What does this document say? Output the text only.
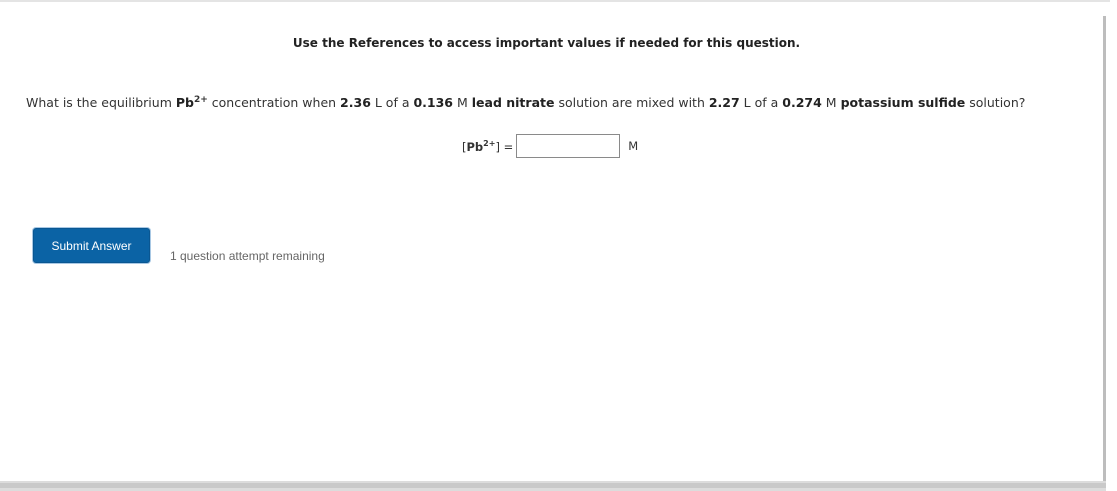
Use the References to access important values if needed for this question.
What is the equilibrium $Pb^{2+}$ concentration when 2.36 L of a 0.136 M lead nitrate solution are mixed with 2.27 L of a 0.274 M potassium sulfide solution?
$[Pb^{2+}]$ =	M
Submit Answer
1 question attempt remaining
